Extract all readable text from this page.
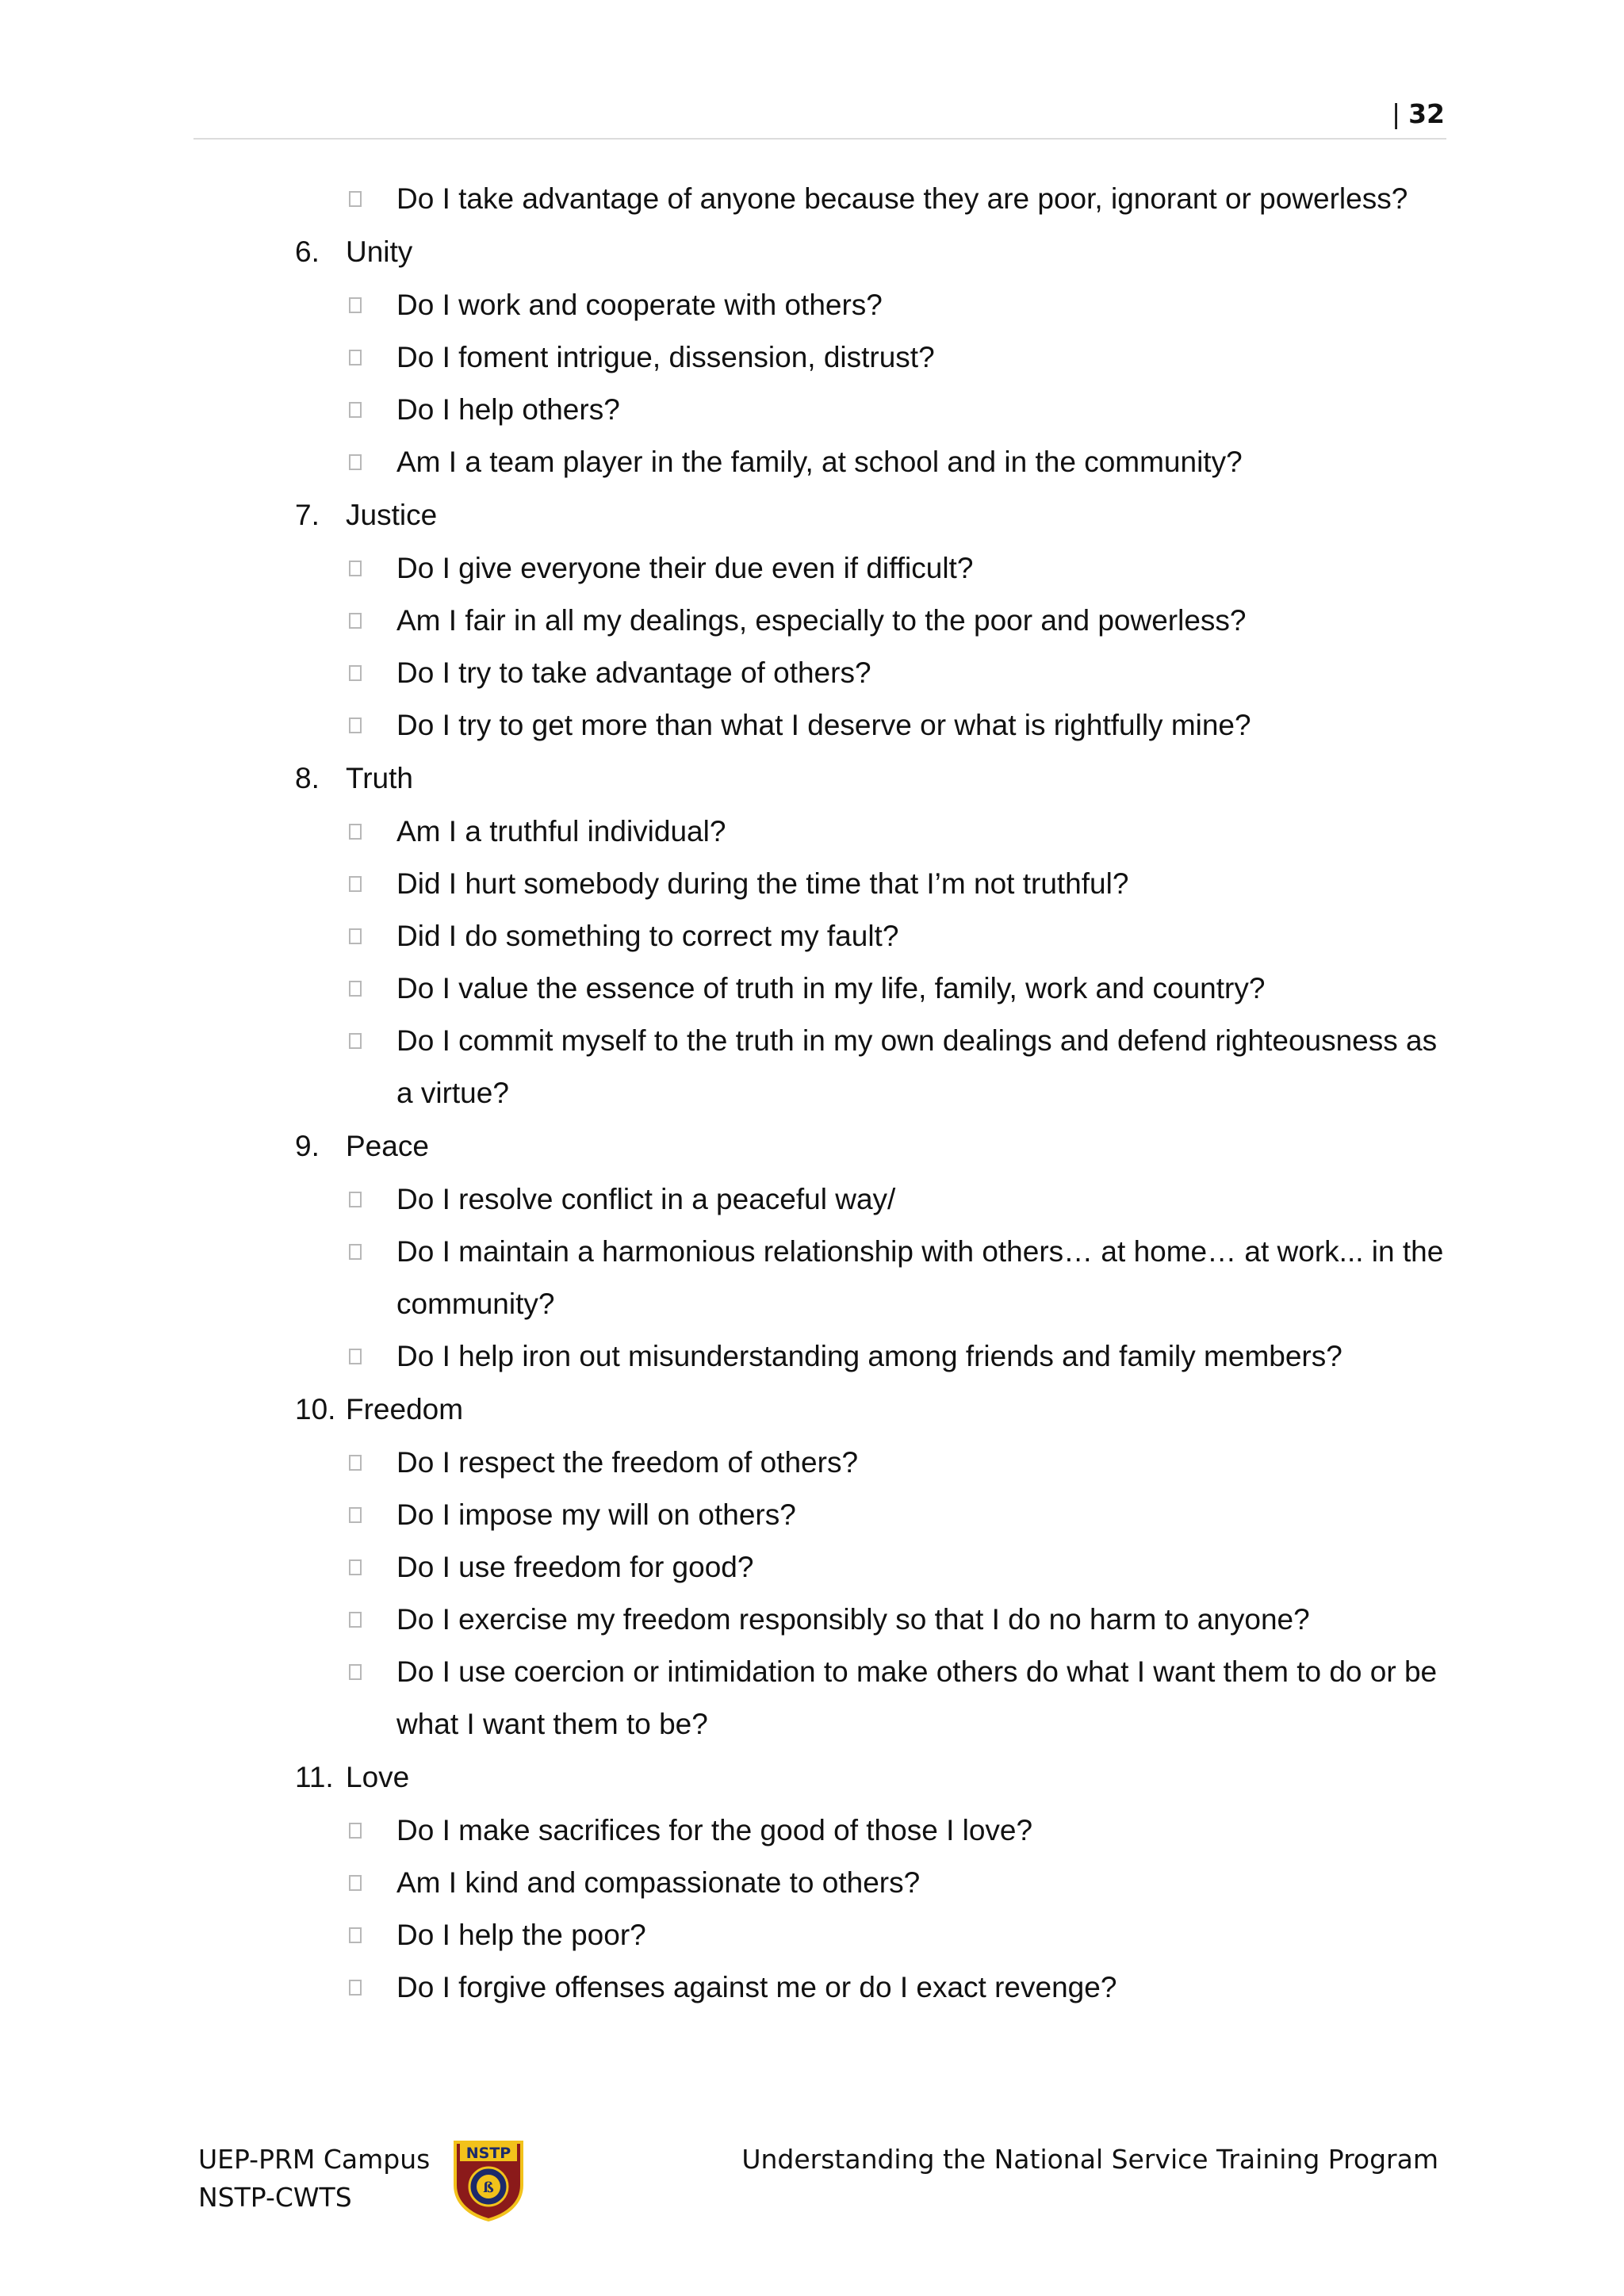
| 32
Do I take advantage of anyone because they are poor, ignorant or powerless?
6. Unity
Do I work and cooperate with others?
Do I foment intrigue, dissension, distrust?
Do I help others?
Am I a team player in the family, at school and in the community?
7. Justice
Do I give everyone their due even if difficult?
Am I fair in all my dealings, especially to the poor and powerless?
Do I try to take advantage of others?
Do I try to get more than what I deserve or what is rightfully mine?
8. Truth
Am I a truthful individual?
Did I hurt somebody during the time that I’m not truthful?
Did I do something to correct my fault?
Do I value the essence of truth in my life, family, work and country?
Do I commit myself to the truth in my own dealings and defend righteousness as a virtue?
9. Peace
Do I resolve conflict in a peaceful way/
Do I maintain a harmonious relationship with others… at home… at work... in the community?
Do I help iron out misunderstanding among friends and family members?
10. Freedom
Do I respect the freedom of others?
Do I impose my will on others?
Do I use freedom for good?
Do I exercise my freedom responsibly so that I do no harm to anyone?
Do I use coercion or intimidation to make others do what I want them to do or be what I want them to be?
11. Love
Do I make sacrifices for the good of those I love?
Am I kind and compassionate to others?
Do I help the poor?
Do I forgive offenses against me or do I exact revenge?
UEP-PRM Campus
NSTP-CWTS
NSTP
ß
Understanding the National Service Training Program
